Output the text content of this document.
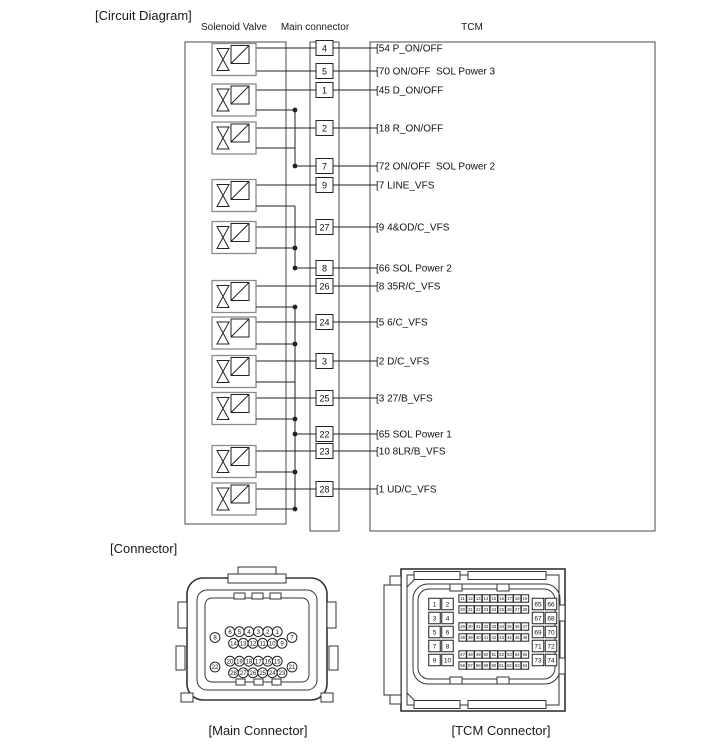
[Circuit Diagram]
Solenoid Valve	Main connector	TCM
[Connector]
[Main Connector]	[TCM Connector]
4	[54 P_ON/OFF
5	[70 ON/OFF  SOL Power 3
1	[45 D_ON/OFF
2	[18 R_ON/OFF
7	[72 ON/OFF  SOL Power 2
9	[7 LINE_VFS
27	[9 4&OD/C_VFS
8	[66 SOL Power 2
26	[8 35R/C_VFS
24	[5 6/C_VFS
3	[2 D/C_VFS
25	[3 27/B_VFS
22	[65 SOL Power 1
23	[10 8LR/B_VFS
28	[1 UD/C_VFS
8	7
6 5 4 3 2 1
14 13 12 11 10 9
22	21
20 19 18 17 16 15
28 27 26 25 24 23
1 2
3 4
5 6
7 8
9 10
65 66
67 68
69 70
71 72
73 74
11 12 13 14 15 16 17 18 19
20 21 22 23 24 25 26 27 28
29 30 31 32 33 34 35 36 37
38 39 40 41 42 43 44 45 46
47 48 49 50 51 52 53 54 55
56 57 58 59 60 61 62 63 64
